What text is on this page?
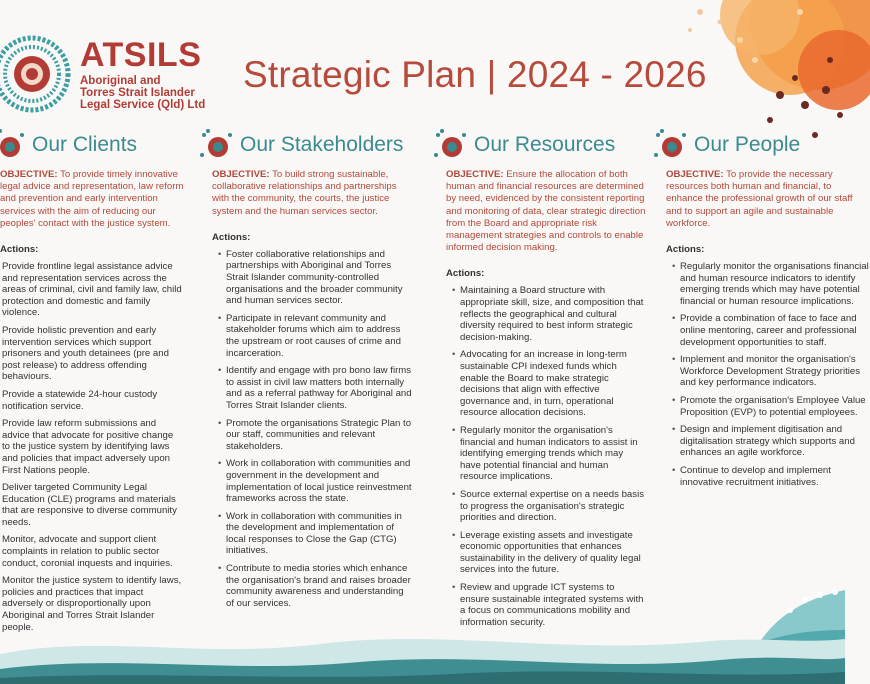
ATSILS
Aboriginal and
Torres Strait Islander
Legal Service (Qld) Ltd
Strategic Plan | 2024 - 2026
Our Clients
OBJECTIVE: To provide timely innovative legal advice and representation, law reform and prevention and early intervention services with the aim of reducing our peoples' contact with the justice system.
Actions:
• Provide frontline legal assistance advice and representation services across the areas of criminal, civil and family law, child protection and domestic and family violence.
• Provide holistic prevention and early intervention services which support prisoners and youth detainees (pre and post release) to address offending behaviours.
• Provide a statewide 24-hour custody notification service.
• Provide law reform submissions and advice that advocate for positive change to the justice system by identifying laws and policies that impact adversely upon First Nations people.
• Deliver targeted Community Legal Education (CLE) programs and materials that are responsive to diverse community needs.
• Monitor, advocate and support client complaints in relation to public sector conduct, coronial inquests and inquiries.
• Monitor the justice system to identify laws, policies and practices that impact adversely or disproportionally upon Aboriginal and Torres Strait Islander people.
Our Stakeholders
OBJECTIVE: To build strong sustainable, collaborative relationships and partnerships with the community, the courts, the justice system and the human services sector.
Actions:
• Foster collaborative relationships and partnerships with Aboriginal and Torres Strait Islander community-controlled organisations and the broader community and human services sector.
• Participate in relevant community and stakeholder forums which aim to address the upstream or root causes of crime and incarceration.
• Identify and engage with pro bono law firms to assist in civil law matters both internally and as a referral pathway for Aboriginal and Torres Strait Islander clients.
• Promote the organisations Strategic Plan to our staff, communities and relevant stakeholders.
• Work in collaboration with communities and government in the development and implementation of local justice reinvestment frameworks across the state.
• Work in collaboration with communities in the development and implementation of local responses to Close the Gap (CTG) initiatives.
• Contribute to media stories which enhance the organisation's brand and raises broader community awareness and understanding of our services.
Our Resources
OBJECTIVE: Ensure the allocation of both human and financial resources are determined by need, evidenced by the consistent reporting and monitoring of data, clear strategic direction from the Board and appropriate risk management strategies and controls to enable informed decision making.
Actions:
• Maintaining a Board structure with appropriate skill, size, and composition that reflects the geographical and cultural diversity required to best inform strategic decision-making.
• Advocating for an increase in long-term sustainable CPI indexed funds which enable the Board to make strategic decisions that align with effective governance and, in turn, operational resource allocation decisions.
• Regularly monitor the organisation's financial and human indicators to assist in identifying emerging trends which may have potential financial and human resource implications.
• Source external expertise on a needs basis to progress the organisation's strategic priorities and direction.
• Leverage existing assets and investigate economic opportunities that enhances sustainability in the delivery of quality legal services into the future.
• Review and upgrade ICT systems to ensure sustainable integrated systems with a focus on communications mobility and information security.
Our People
OBJECTIVE: To provide the necessary resources both human and financial, to enhance the professional growth of our staff and to support an agile and sustainable workforce.
Actions:
• Regularly monitor the organisations financial and human resource indicators to identify emerging trends which may have potential financial or human resource implications.
• Provide a combination of face to face and online mentoring, career and professional development opportunities to staff.
• Implement and monitor the organisation's Workforce Development Strategy priorities and key performance indicators.
• Promote the organisation's Employee Value Proposition (EVP) to potential employees.
• Design and implement digitisation and digitalisation strategy which supports and enhances an agile workforce.
• Continue to develop and implement innovative recruitment initiatives.
